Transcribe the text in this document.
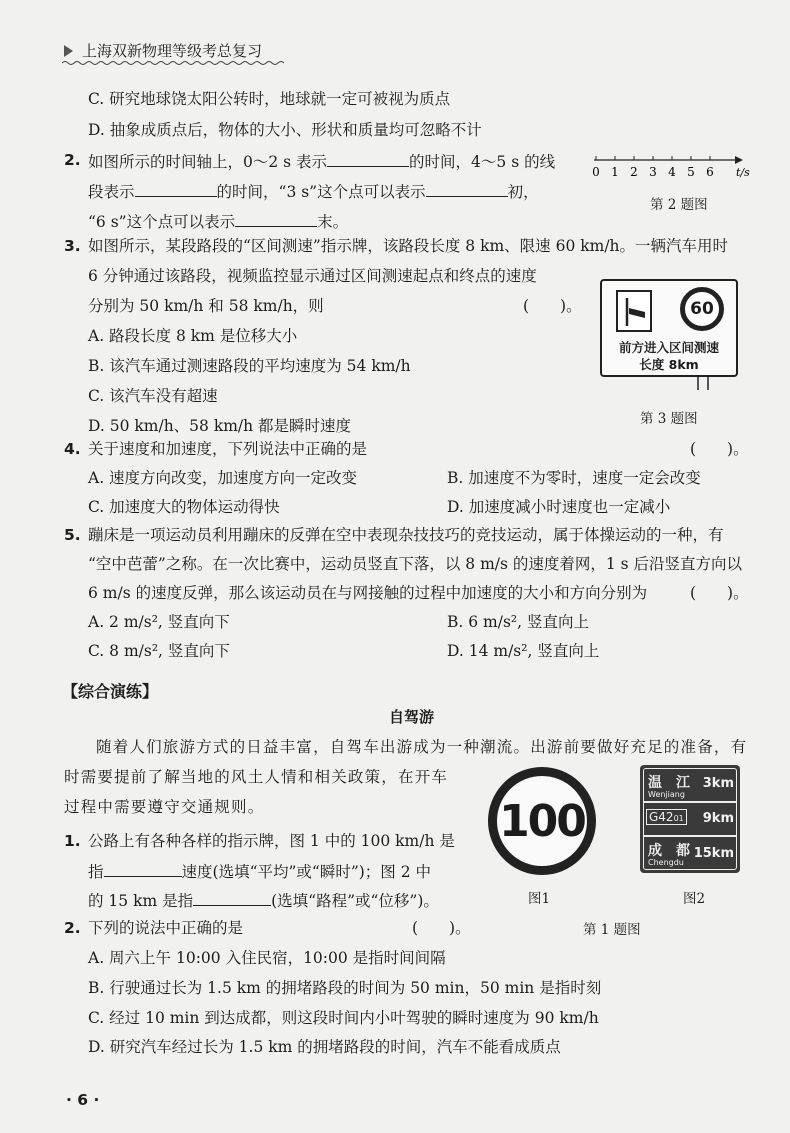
上海双新物理等级考总复习
C. 研究地球饶太阳公转时，地球就一定可被视为质点
D. 抽象成质点后，物体的大小、形状和质量均可忽略不计
2. 如图所示的时间轴上，0～2 s 表示	的时间，4～5 s 的线
段表示	的时间，“3 s”这个点可以表示	初，
“6 s”这个点可以表示	末。
0 1 2 3 4 5 6 t/s
第 2 题图
3. 如图所示，某段路段的“区间测速”指示牌，该路段长度 8 km、限速 60 km/h。一辆汽车用时
6 分钟通过该路段，视频监控显示通过区间测速起点和终点的速度
分别为 50 km/h 和 58 km/h，则	(　　)。
A. 路段长度 8 km 是位移大小
B. 该汽车通过测速路段的平均速度为 54 km/h
C. 该汽车没有超速
D. 50 km/h、58 km/h 都是瞬时速度
60
前方进入区间测速
长度 8km
第 3 题图
4. 关于速度和加速度，下列说法中正确的是	(　　)。
A. 速度方向改变，加速度方向一定改变	B. 加速度不为零时，速度一定会改变
C. 加速度大的物体运动得快	D. 加速度减小时速度也一定减小
5. 蹦床是一项运动员利用蹦床的反弹在空中表现杂技技巧的竞技运动，属于体操运动的一种，有
“空中芭蕾”之称。在一次比赛中，运动员竖直下落，以 8 m/s 的速度着网，1 s 后沿竖直方向以
6 m/s 的速度反弹，那么该运动员在与网接触的过程中加速度的大小和方向分别为	(　　)。
A. 2 m/s², 竖直向下	B. 6 m/s², 竖直向上
C. 8 m/s², 竖直向下	D. 14 m/s², 竖直向上
【综合演练】
自驾游
随着人们旅游方式的日益丰富，自驾车出游成为一种潮流。出游前要做好充足的准备，有
时需要提前了解当地的风土人情和相关政策，在开车
过程中需要遵守交通规则。
1. 公路上有各种各样的指示牌，图 1 中的 100 km/h 是
指	速度(选填“平均”或“瞬时”)；图 2 中
的 15 km 是指	(选填“路程”或“位移”)。
100
图1
温　江
Wenjiang
3km
G4201 9km
成　都
Chengdu
15km
图2
第 1 题图
2. 下列的说法中正确的是	(　　)。
A. 周六上午 10:00 入住民宿，10:00 是指时间间隔
B. 行驶通过长为 1.5 km 的拥堵路段的时间为 50 min，50 min 是指时刻
C. 经过 10 min 到达成都，则这段时间内小叶驾驶的瞬时速度为 90 km/h
D. 研究汽车经过长为 1.5 km 的拥堵路段的时间，汽车不能看成质点
· 6 ·
